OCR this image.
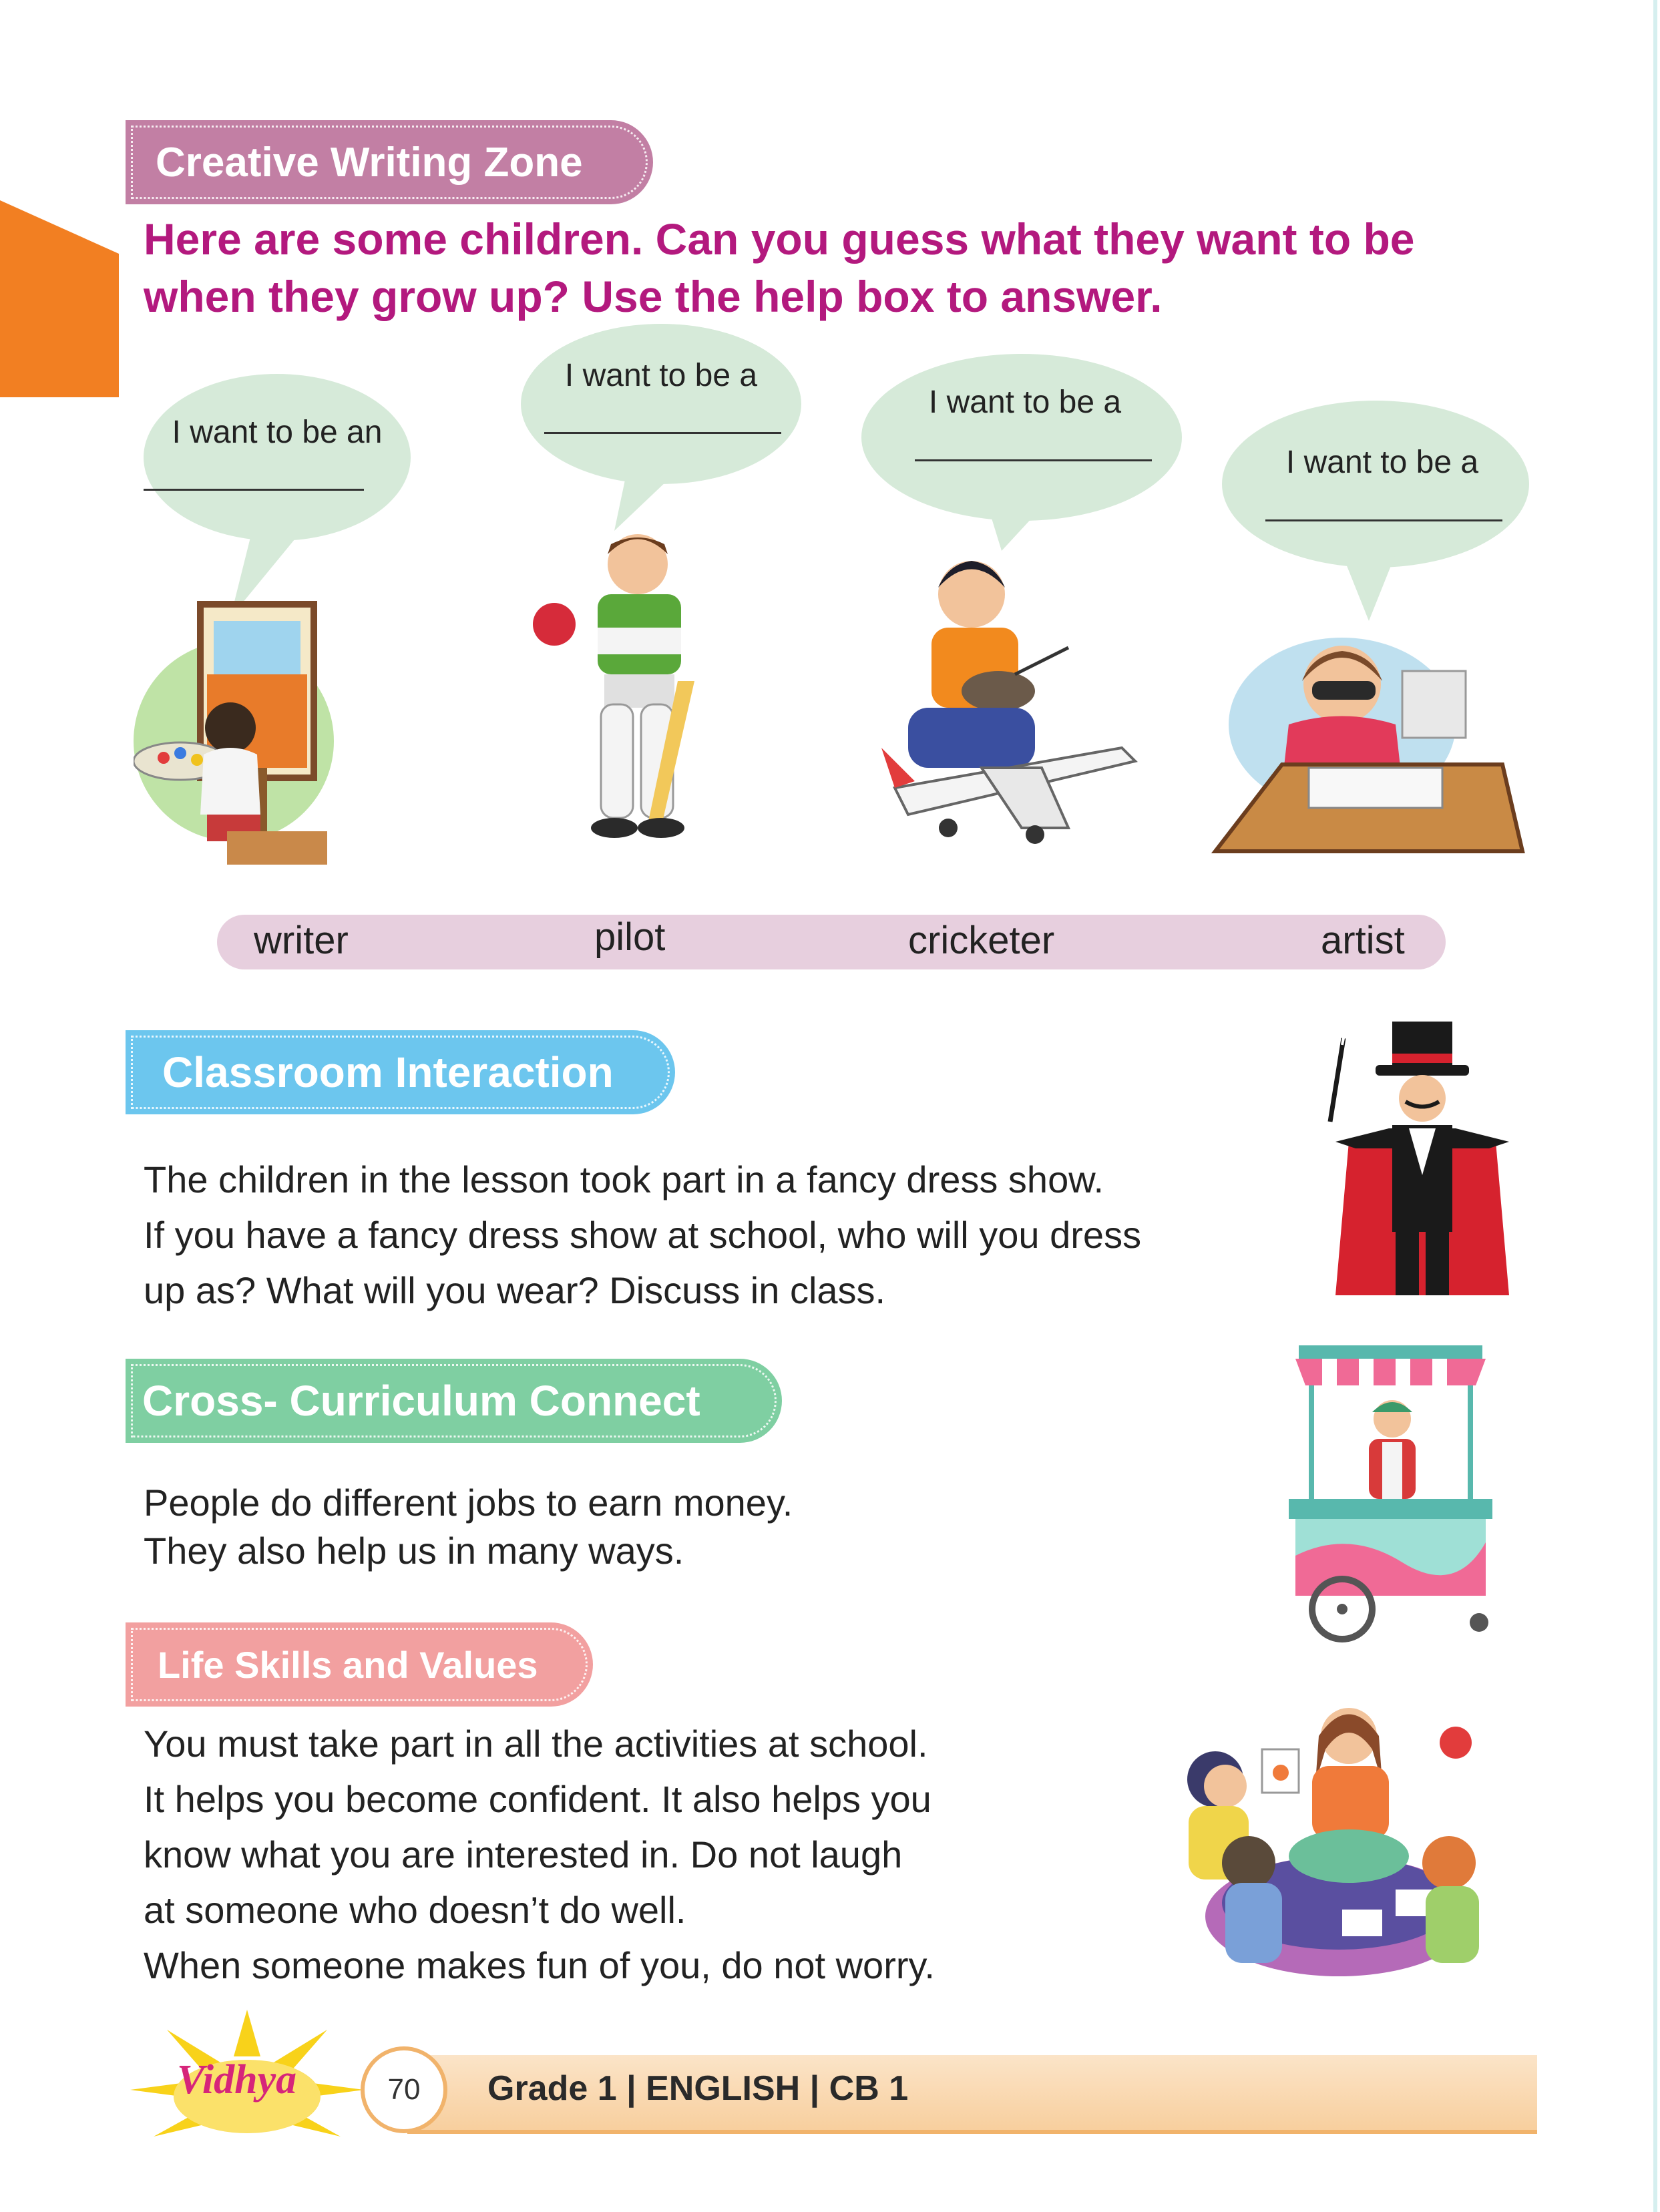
Creative Writing Zone
Here are some children. Can you guess what they want to be when they grow up? Use the help box to answer.
I want to be an
I want to be a
I want to be a
I want to be a
writer	pilot	cricketer	artist
Classroom Interaction
The children in the lesson took part in a fancy dress show.
If you have a fancy dress show at school, who will you dress
up as? What will you wear? Discuss in class.
Cross- Curriculum Connect
People do different jobs to earn money.
They also help us in many ways.
Life Skills and Values
You must take part in all the activities at school.
It helps you become confident. It also helps you
know what you are interested in. Do not laugh
at someone who doesn’t do well.
When someone makes fun of you, do not worry.
Vidhya	70	Grade 1 | ENGLISH | CB 1
